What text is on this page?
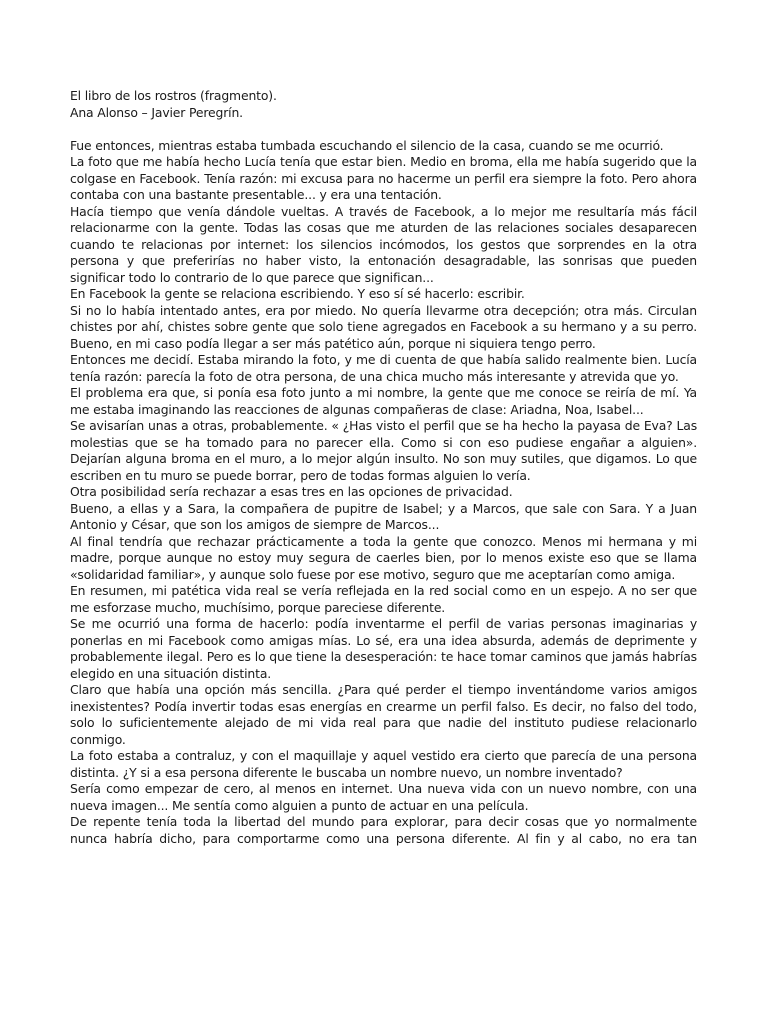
El libro de los rostros (fragmento).

Ana Alonso – Javier Peregrín.

Fue entonces, mientras estaba tumbada escuchando el silencio de la casa, cuando se me ocurrió.

La foto que me había hecho Lucía tenía que estar bien. Medio en broma, ella me había sugerido que la colgase en Facebook. Tenía razón: mi excusa para no hacerme un perfil era siempre la foto. Pero ahora contaba con una bastante presentable... y era una tentación.

Hacía tiempo que venía dándole vueltas. A través de Facebook, a lo mejor me resultaría más fácil relacionarme con la gente. Todas las cosas que me aturden de las relaciones sociales desaparecen cuando te relacionas por internet: los silencios incómodos, los gestos que sorprendes en la otra persona y que preferirías no haber visto, la entonación desagradable, las sonrisas que pueden significar todo lo contrario de lo que parece que significan...

En Facebook la gente se relaciona escribiendo. Y eso sí sé hacerlo: escribir.

Si no lo había intentado antes, era por miedo. No quería llevarme otra decepción; otra más. Circulan chistes por ahí, chistes sobre gente que solo tiene agregados en Facebook a su hermano y a su perro. Bueno, en mi caso podía llegar a ser más patético aún, porque ni siquiera tengo perro.

Entonces me decidí. Estaba mirando la foto, y me di cuenta de que había salido realmente bien. Lucía tenía razón: parecía la foto de otra persona, de una chica mucho más interesante y atrevida que yo.

El problema era que, si ponía esa foto junto a mi nombre, la gente que me conoce se reiría de mí. Ya me estaba imaginando las reacciones de algunas compañeras de clase: Ariadna, Noa, Isabel...

Se avisarían unas a otras, probablemente. « ¿Has visto el perfil que se ha hecho la payasa de Eva? Las molestias que se ha tomado para no parecer ella. Como si con eso pudiese engañar a alguien». Dejarían alguna broma en el muro, a lo mejor algún insulto. No son muy sutiles, que digamos. Lo que escriben en tu muro se puede borrar, pero de todas formas alguien lo vería.

Otra posibilidad sería rechazar a esas tres en las opciones de privacidad.

Bueno, a ellas y a Sara, la compañera de pupitre de Isabel; y a Marcos, que sale con Sara. Y a Juan Antonio y César, que son los amigos de siempre de Marcos...

Al final tendría que rechazar prácticamente a toda la gente que conozco. Menos mi hermana y mi madre, porque aunque no estoy muy segura de caerles bien, por lo menos existe eso que se llama «solidaridad familiar», y aunque solo fuese por ese motivo, seguro que me aceptarían como amiga.

En resumen, mi patética vida real se vería reflejada en la red social como en un espejo. A no ser que me esforzase mucho, muchísimo, porque pareciese diferente.

Se me ocurrió una forma de hacerlo: podía inventarme el perfil de varias personas imaginarias y ponerlas en mi Facebook como amigas mías. Lo sé, era una idea absurda, además de deprimente y probablemente ilegal. Pero es lo que tiene la desesperación: te hace tomar caminos que jamás habrías elegido en una situación distinta.

Claro que había una opción más sencilla. ¿Para qué perder el tiempo inventándome varios amigos inexistentes? Podía invertir todas esas energías en crearme un perfil falso. Es decir, no falso del todo, solo lo suficientemente alejado de mi vida real para que nadie del instituto pudiese relacionarlo conmigo.

La foto estaba a contraluz, y con el maquillaje y aquel vestido era cierto que parecía de una persona distinta. ¿Y si a esa persona diferente le buscaba un nombre nuevo, un nombre inventado?

Sería como empezar de cero, al menos en internet. Una nueva vida con un nuevo nombre, con una nueva imagen... Me sentía como alguien a punto de actuar en una película.

De repente tenía toda la libertad del mundo para explorar, para decir cosas que yo normalmente nunca habría dicho, para comportarme como una persona diferente. Al fin y al cabo, no era tan
